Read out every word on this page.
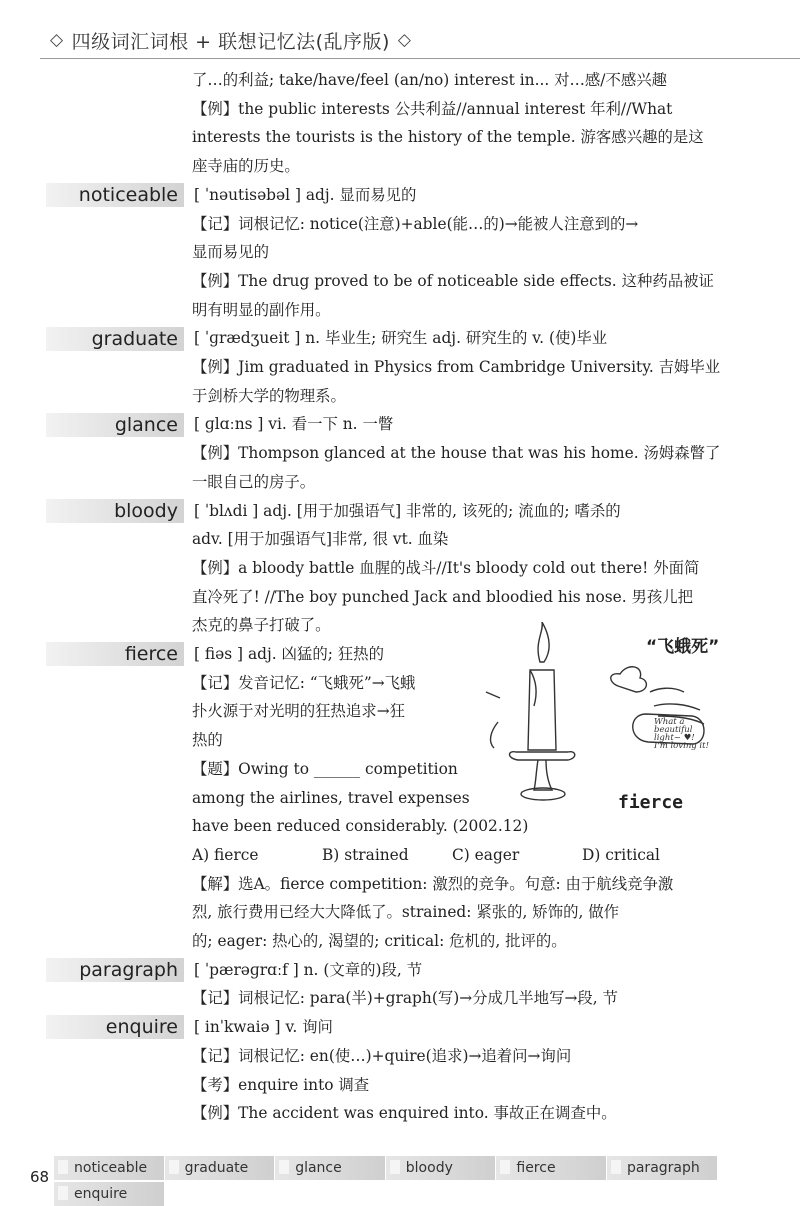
◇ 四级词汇词根 + 联想记忆法(乱序版) ◇
了…的利益; take/have/feel (an/no) interest in... 对…感/不感兴趣
【例】the public interests 公共利益//annual interest 年利//What
interests the tourists is the history of the temple. 游客感兴趣的是这
座寺庙的历史。
noticeable	[ ˈnəutisəbəl ] adj. 显而易见的
【记】词根记忆: notice(注意)+able(能…的)→能被人注意到的→
显而易见的
【例】The drug proved to be of noticeable side effects. 这种药品被证
明有明显的副作用。
graduate	[ ˈɡrædʒueit ] n. 毕业生; 研究生 adj. 研究生的 v. (使)毕业
【例】Jim graduated in Physics from Cambridge University. 吉姆毕业
于剑桥大学的物理系。
glance	[ ɡlɑːns ] vi. 看一下 n. 一瞥
【例】Thompson glanced at the house that was his home. 汤姆森瞥了
一眼自己的房子。
bloody	[ ˈblʌdi ] adj. [用于加强语气] 非常的, 该死的; 流血的; 嗜杀的
adv. [用于加强语气]非常, 很 vt. 血染
【例】a bloody battle 血腥的战斗//It's bloody cold out there! 外面简
直冷死了! //The boy punched Jack and bloodied his nose. 男孩儿把
杰克的鼻子打破了。
fierce	[ fiəs ] adj. 凶猛的; 狂热的
【记】发音记忆: “飞蛾死”→飞蛾
扑火源于对光明的狂热追求→狂
热的
【题】Owing to ______ competition
among the airlines, travel expenses
have been reduced considerably. (2002.12)
A) fierce	B) strained	C) eager	D) critical
【解】选A。fierce competition: 激烈的竞争。句意: 由于航线竞争激
烈, 旅行费用已经大大降低了。strained: 紧张的, 矫饰的, 做作
的; eager: 热心的, 渴望的; critical: 危机的, 批评的。
paragraph	[ ˈpærəɡrɑːf ] n. (文章的)段, 节
【记】词根记忆: para(半)+graph(写)→分成几半地写→段, 节
enquire	[ inˈkwaiə ] v. 询问
【记】词根记忆: en(使…)+quire(追求)→追着问→询问
【考】enquire into 调查
【例】The accident was enquired into. 事故正在调查中。
“飞蛾死”
What a beautiful light~ ♥! I'm loving it!
fierce
68	noticeable	graduate	glance	bloody	fierce	paragraph
enquire
